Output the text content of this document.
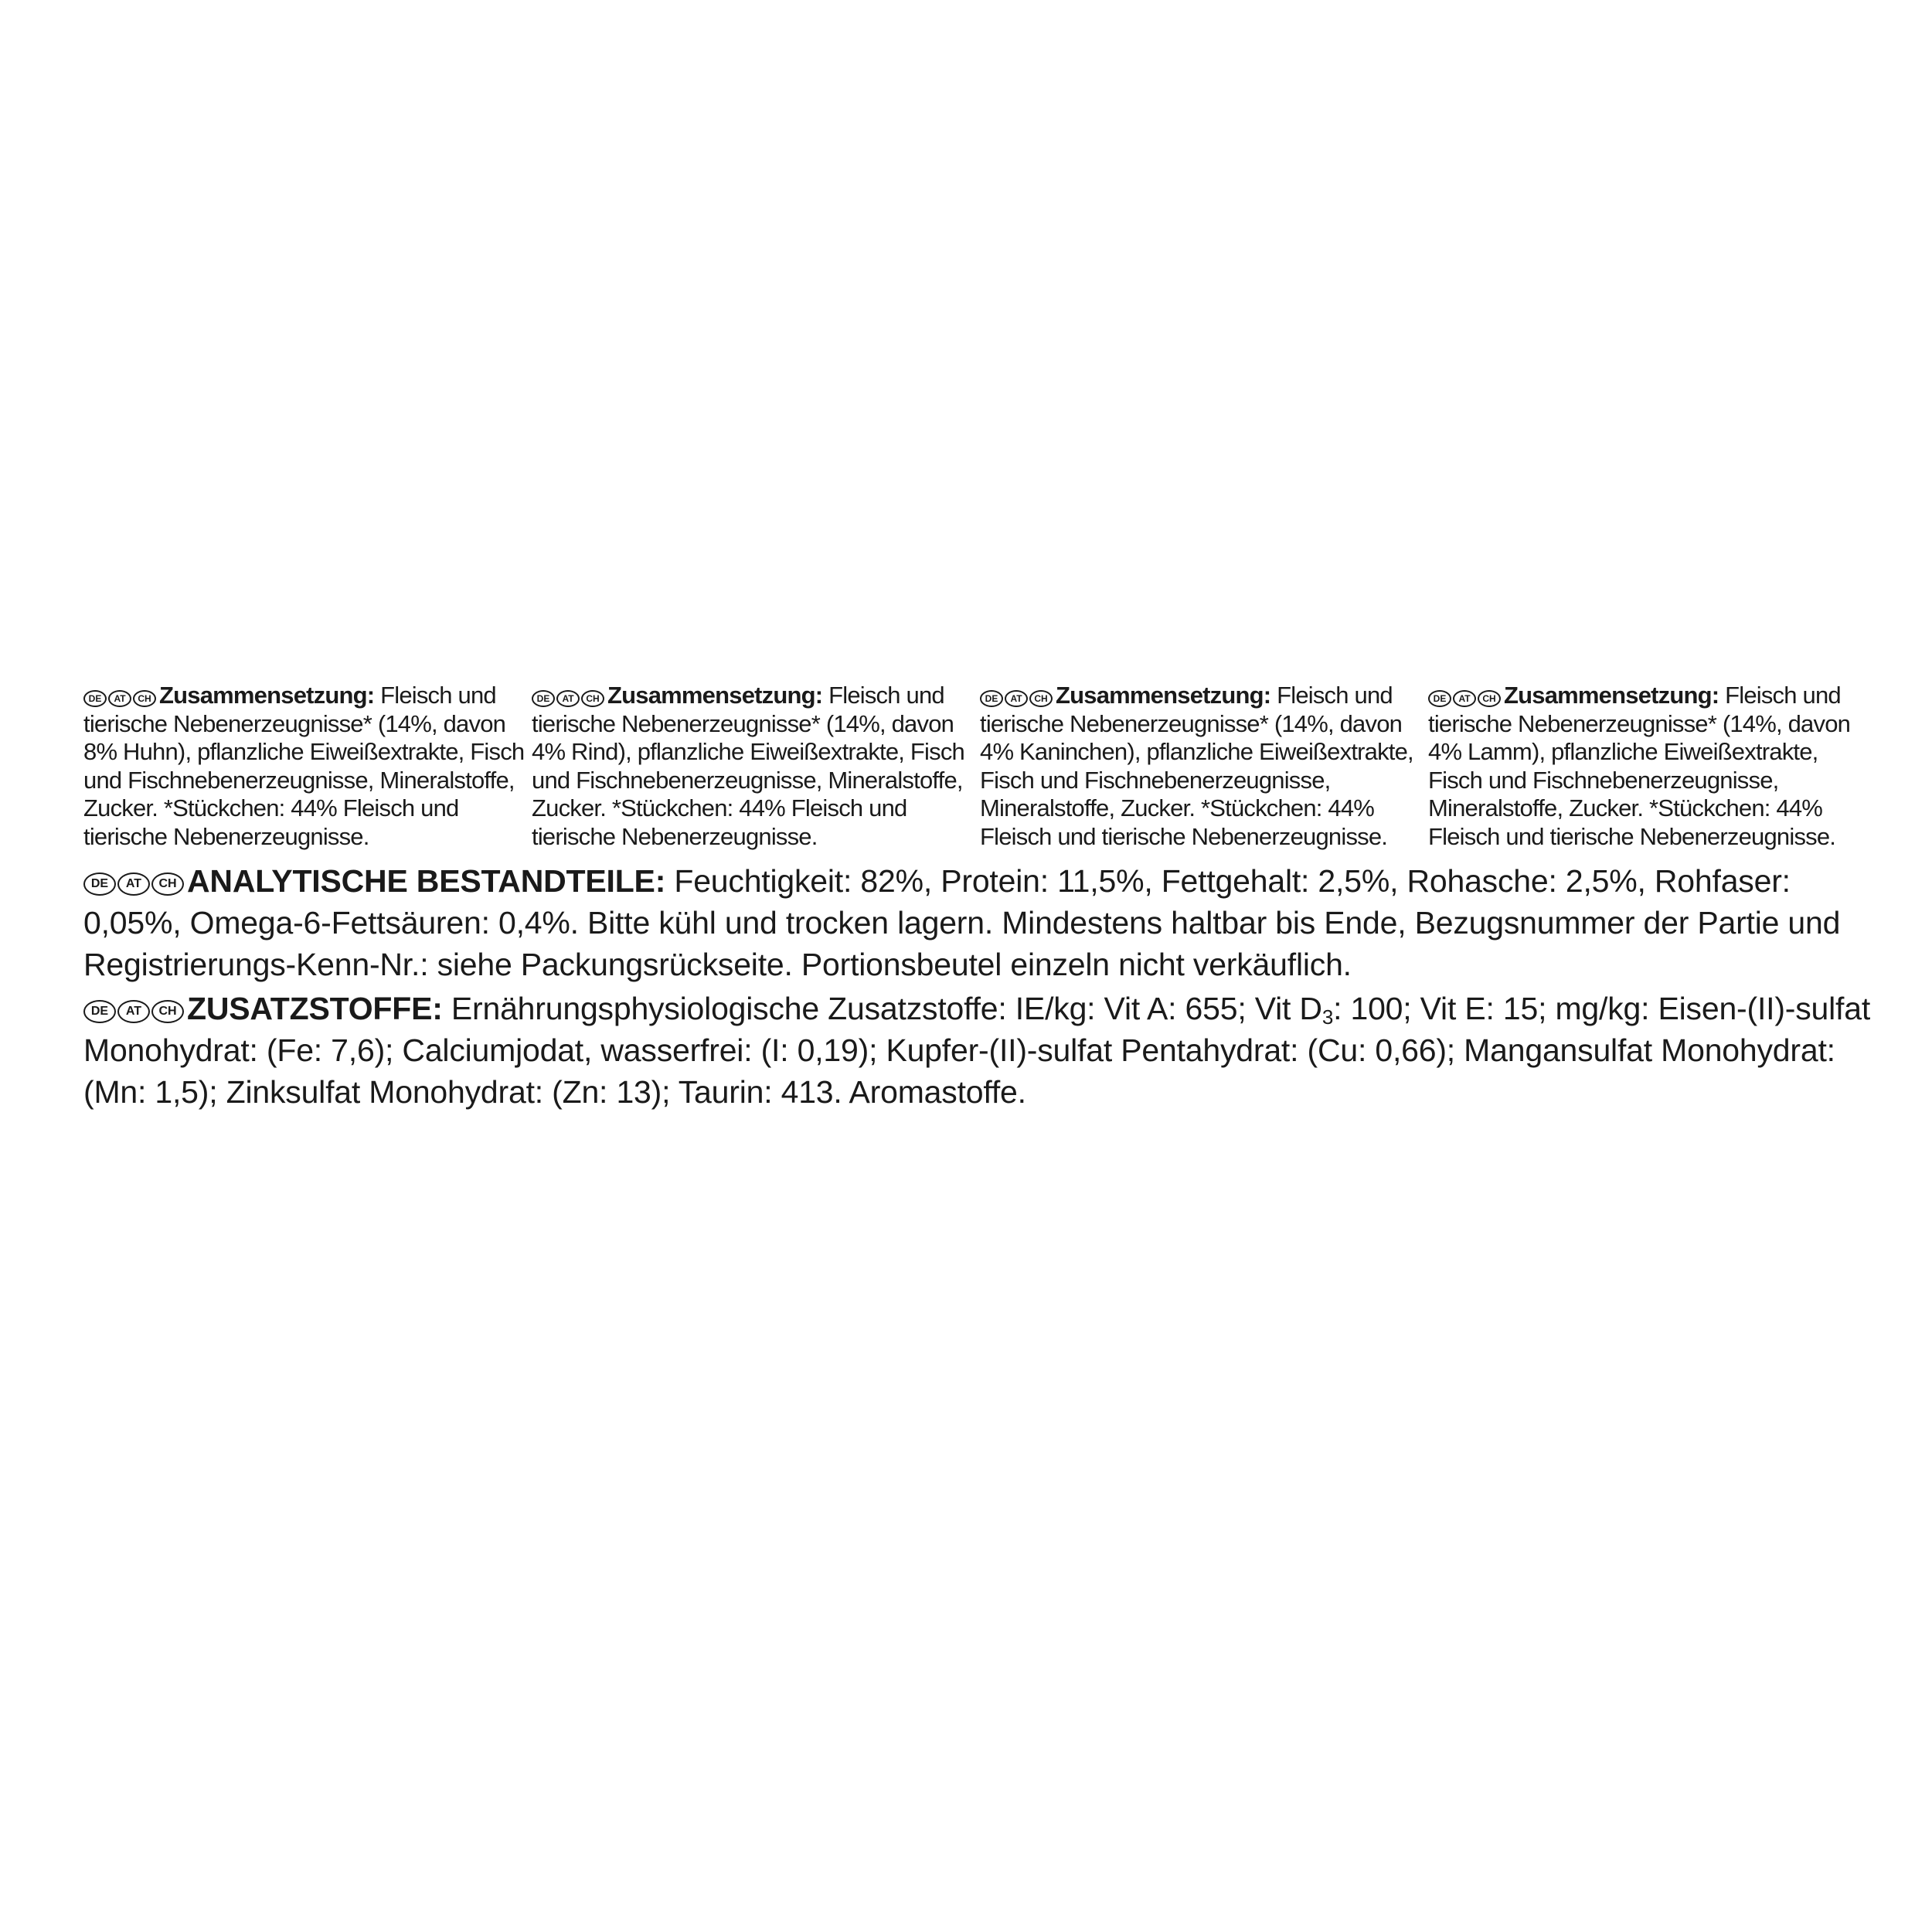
DE AT CH Zusammensetzung: Fleisch und tierische Nebenerzeugnisse* (14%, davon 8% Huhn), pflanzliche Eiweißextrakte, Fisch und Fischnebenerzeugnisse, Mineralstoffe, Zucker. *Stückchen: 44% Fleisch und tierische Nebenerzeugnisse.
DE AT CH Zusammensetzung: Fleisch und tierische Nebenerzeugnisse* (14%, davon 4% Rind), pflanzliche Eiweißextrakte, Fisch und Fischnebenerzeugnisse, Mineralstoffe, Zucker. *Stückchen: 44% Fleisch und tierische Nebenerzeugnisse.
DE AT CH Zusammensetzung: Fleisch und tierische Nebenerzeugnisse* (14%, davon 4% Kaninchen), pflanzliche Eiweißextrakte, Fisch und Fischnebenerzeugnisse, Mineralstoffe, Zucker. *Stückchen: 44% Fleisch und tierische Nebenerzeugnisse.
DE AT CH Zusammensetzung: Fleisch und tierische Nebenerzeugnisse* (14%, davon 4% Lamm), pflanzliche Eiweißextrakte, Fisch und Fischnebenerzeugnisse, Mineralstoffe, Zucker. *Stückchen: 44% Fleisch und tierische Nebenerzeugnisse.
DE AT CH ANALYTISCHE BESTANDTEILE: Feuchtigkeit: 82%, Protein: 11,5%, Fettgehalt: 2,5%, Rohasche: 2,5%, Rohfaser: 0,05%, Omega-6-Fettsäuren: 0,4%. Bitte kühl und trocken lagern. Mindestens haltbar bis Ende, Bezugsnummer der Partie und Registrierungs-Kenn-Nr.: siehe Packungsrückseite. Portionsbeutel einzeln nicht verkäuflich.
DE AT CH ZUSATZSTOFFE: Ernährungsphysiologische Zusatzstoffe: IE/kg: Vit A: 655; Vit $D_3$: 100; Vit E: 15; mg/kg: Eisen-(II)-sulfat Monohydrat: (Fe: 7,6); Calciumjodat, wasserfrei: (I: 0,19); Kupfer-(II)-sulfat Pentahydrat: (Cu: 0,66); Mangansulfat Monohydrat: (Mn: 1,5); Zinksulfat Monohydrat: (Zn: 13); Taurin: 413. Aromastoffe.
